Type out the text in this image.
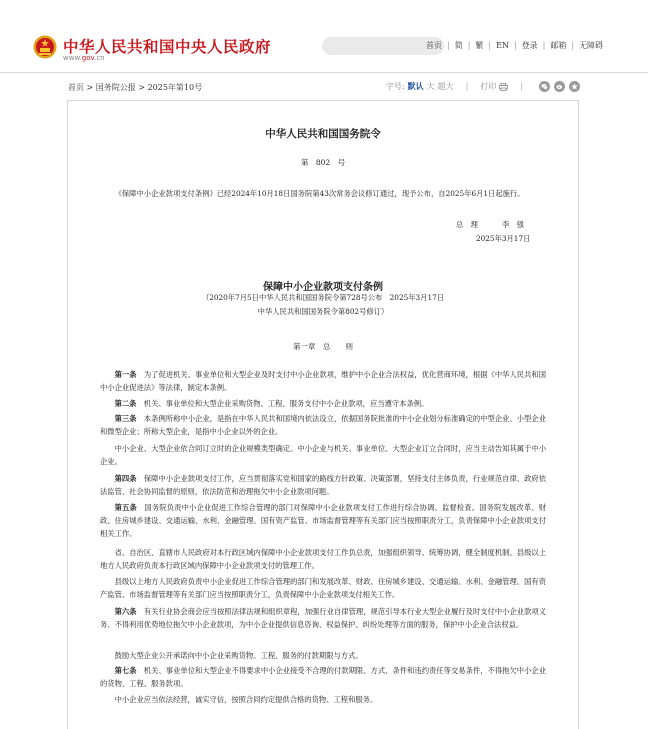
中华人民共和国中央人民政府
www.gov.cn
首页 | 简 | 繁 | EN | 登录 | 邮箱 | 无障碍
首页 > 国务院公报 > 2025年第10号	字号: 默认 大 超大 | 打印	|
中华人民共和国国务院令
第　802　号
《保障中小企业款项支付条例》已经2024年10月18日国务院第43次常务会议修订通过，现予公布，自2025年6月1日起施行。
总　理	李　强
2025年3月17日
保障中小企业款项支付条例
（2020年7月5日中华人民共和国国务院令第728号公布　2025年3月17日
中华人民共和国国务院令第802号修订）
第一章　总　　则
第一条　 为了促进机关、事业单位和大型企业及时支付中小企业款项，维护中小企业合法权益，优化营商环境，根据《中华人民共和国中小企业促进法》等法律，制定本条例。
第二条　 机关、事业单位和大型企业采购货物、工程、服务支付中小企业款项，应当遵守本条例。
第三条　 本条例所称中小企业，是指在中华人民共和国境内依法设立，依据国务院批准的中小企业划分标准确定的中型企业、小型企业和微型企业；所称大型企业，是指中小企业以外的企业。
中小企业、大型企业依合同订立时的企业规模类型确定。中小企业与机关、事业单位、大型企业订立合同时，应当主动告知其属于中小企业。
第四条　 保障中小企业款项支付工作，应当贯彻落实党和国家的路线方针政策、决策部署，坚持支付主体负责，行业规范自律、政府依法监管、社会协同监督的原则，依法防范和治理拖欠中小企业款项问题。
第五条　 国务院负责中小企业促进工作综合管理的部门对保障中小企业款项支付工作进行综合协调、监督检查。国务院发展改革、财政、住房城乡建设、交通运输、水利、金融管理、国有资产监管、市场监督管理等有关部门应当按照职责分工，负责保障中小企业款项支付相关工作。
省、自治区、直辖市人民政府对本行政区域内保障中小企业款项支付工作负总责，加强组织领导、统筹协调，健全制度机制。县级以上地方人民政府负责本行政区域内保障中小企业款项支付的管理工作。
县级以上地方人民政府负责中小企业促进工作综合管理的部门和发展改革、财政、住房城乡建设、交通运输、水利、金融管理、国有资产监管、市场监督管理等有关部门应当按照职责分工，负责保障中小企业款项支付相关工作。
第六条　 有关行业协会商会应当按照法律法规和组织章程，加强行业自律管理，规范引导本行业大型企业履行及时支付中小企业款项义务、不得利用优势地位拖欠中小企业款项，为中小企业提供信息咨询、权益保护、纠纷处理等方面的服务，保护中小企业合法权益。
鼓励大型企业公开承诺向中小企业采购货物、工程、服务的付款期限与方式。
第七条　 机关、事业单位和大型企业不得要求中小企业接受不合理的付款期限、方式、条件和违约责任等交易条件，不得拖欠中小企业的货物、工程、服务款项。
中小企业应当依法经营，诚实守信，按照合同约定提供合格的货物、工程和服务。
